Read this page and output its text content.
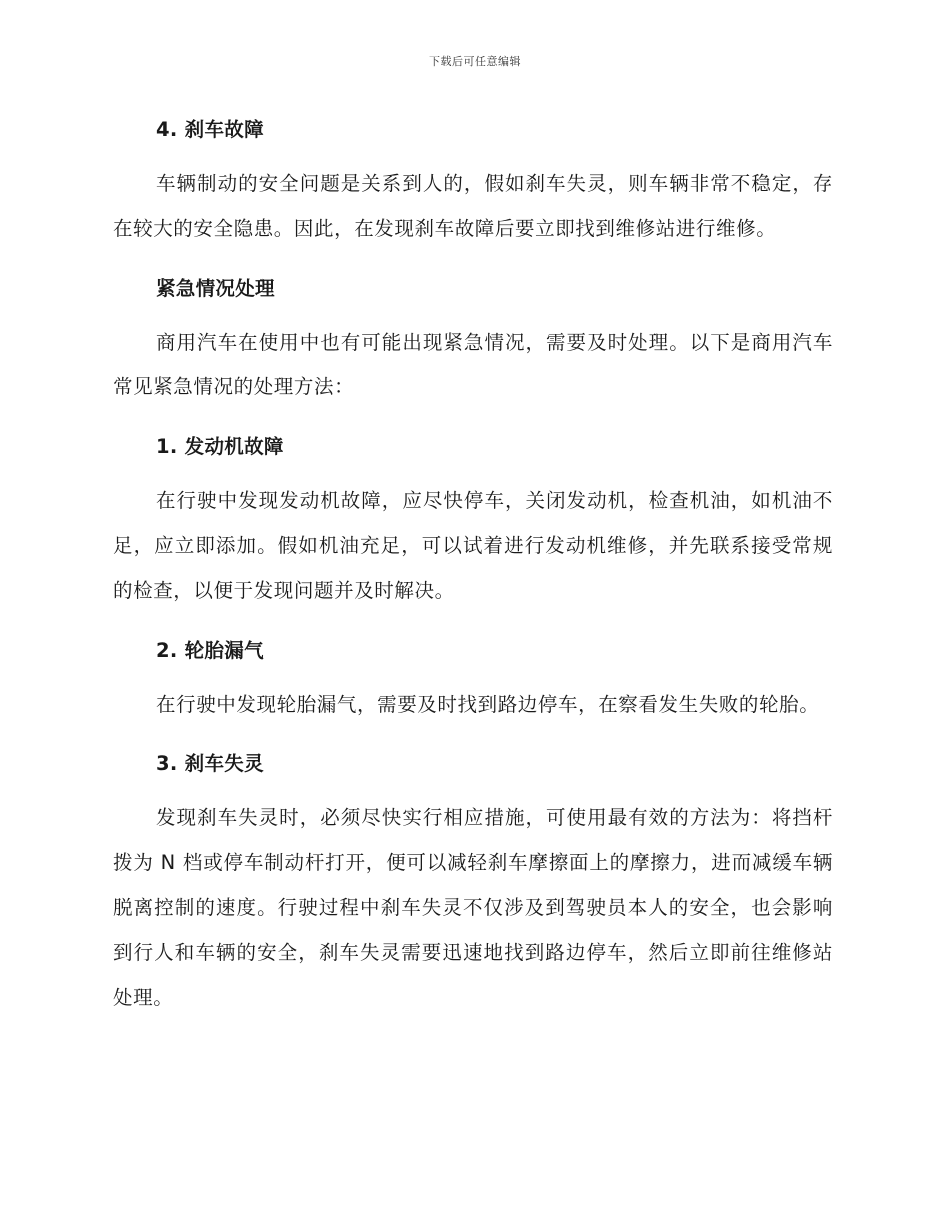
下载后可任意编辑
4. 刹车故障

车辆制动的安全问题是关系到人的，假如刹车失灵，则车辆非常不稳定，存在较大的安全隐患。因此，在发现刹车故障后要立即找到维修站进行维修。

紧急情况处理

商用汽车在使用中也有可能出现紧急情况，需要及时处理。以下是商用汽车常见紧急情况的处理方法：

1. 发动机故障

在行驶中发现发动机故障，应尽快停车，关闭发动机，检查机油，如机油不足，应立即添加。假如机油充足，可以试着进行发动机维修，并先联系接受常规的检查，以便于发现问题并及时解决。

2. 轮胎漏气

在行驶中发现轮胎漏气，需要及时找到路边停车，在察看发生失败的轮胎。

3. 刹车失灵

发现刹车失灵时，必须尽快实行相应措施，可使用最有效的方法为：将挡杆拨为 N 档或停车制动杆打开，便可以减轻刹车摩擦面上的摩擦力，进而减缓车辆脱离控制的速度。行驶过程中刹车失灵不仅涉及到驾驶员本人的安全，也会影响到行人和车辆的安全，刹车失灵需要迅速地找到路边停车，然后立即前往维修站处理。
